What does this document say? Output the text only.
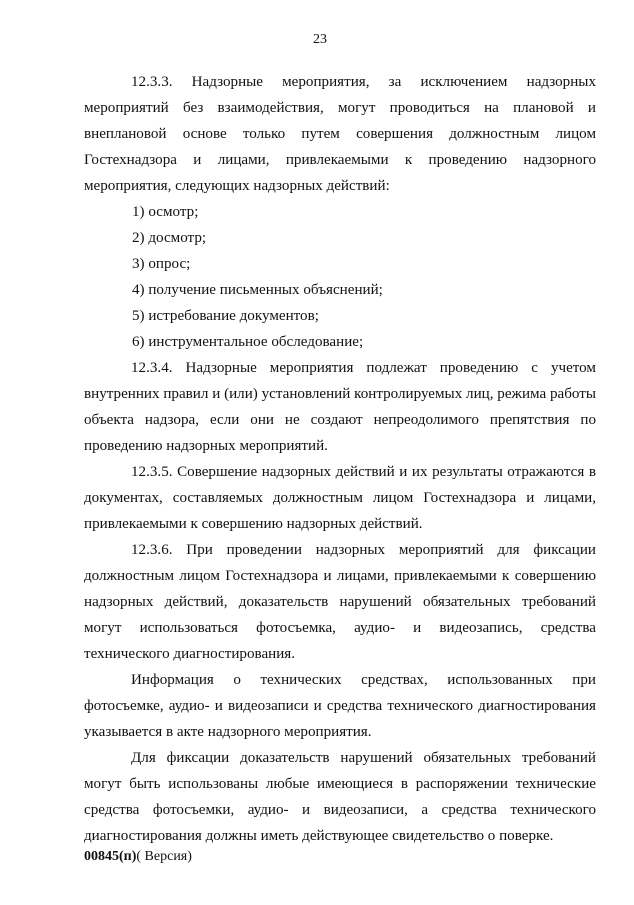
23

12.3.3. Надзорные мероприятия, за исключением надзорных мероприятий без взаимодействия, могут проводиться на плановой и внеплановой основе только путем совершения должностным лицом Гостехнадзора и лицами, привлекаемыми к проведению надзорного мероприятия, следующих надзорных действий:

1) осмотр;

2) досмотр;

3) опрос;

4) получение письменных объяснений;

5) истребование документов;

6) инструментальное обследование;

12.3.4. Надзорные мероприятия подлежат проведению с учетом внутренних правил и (или) установлений контролируемых лиц, режима работы объекта надзора, если они не создают непреодолимого препятствия по проведению надзорных мероприятий.

12.3.5. Совершение надзорных действий и их результаты отражаются в документах, составляемых должностным лицом Гостехнадзора и лицами, привлекаемыми к совершению надзорных действий.

12.3.6. При проведении надзорных мероприятий для фиксации должностным лицом Гостехнадзора и лицами, привлекаемыми к совершению надзорных действий, доказательств нарушений обязательных требований могут использоваться фотосъемка, аудио- и видеозапись, средства технического диагностирования.

Информация о технических средствах, использованных при фотосъемке, аудио- и видеозаписи и средства технического диагностирования указывается в акте надзорного мероприятия.

Для фиксации доказательств нарушений обязательных требований могут быть использованы любые имеющиеся в распоряжении технические средства фотосъемки, аудио- и видеозаписи, а средства технического диагностирования должны иметь действующее свидетельство о поверке.

00845(п)( Версия)
